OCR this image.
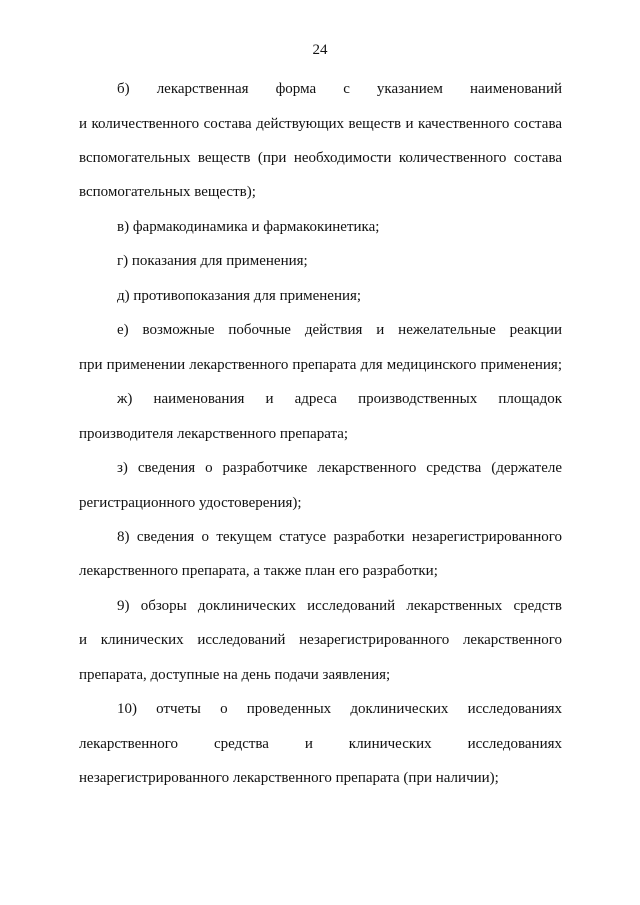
24
б) лекарственная форма с указанием наименований
и количественного состава действующих веществ и качественного состава
вспомогательных веществ (при необходимости количественного состава
вспомогательных веществ);
в) фармакодинамика и фармакокинетика;
г) показания для применения;
д) противопоказания для применения;
е) возможные побочные действия и нежелательные реакции
при применении лекарственного препарата для медицинского применения;
ж) наименования и адреса производственных площадок
производителя лекарственного препарата;
з) сведения о разработчике лекарственного средства (держателе
регистрационного удостоверения);
8) сведения о текущем статусе разработки незарегистрированного
лекарственного препарата, а также план его разработки;
9) обзоры доклинических исследований лекарственных средств
и клинических исследований незарегистрированного лекарственного
препарата, доступные на день подачи заявления;
10) отчеты о проведенных доклинических исследованиях
лекарственного средства и клинических исследованиях
незарегистрированного лекарственного препарата (при наличии);
